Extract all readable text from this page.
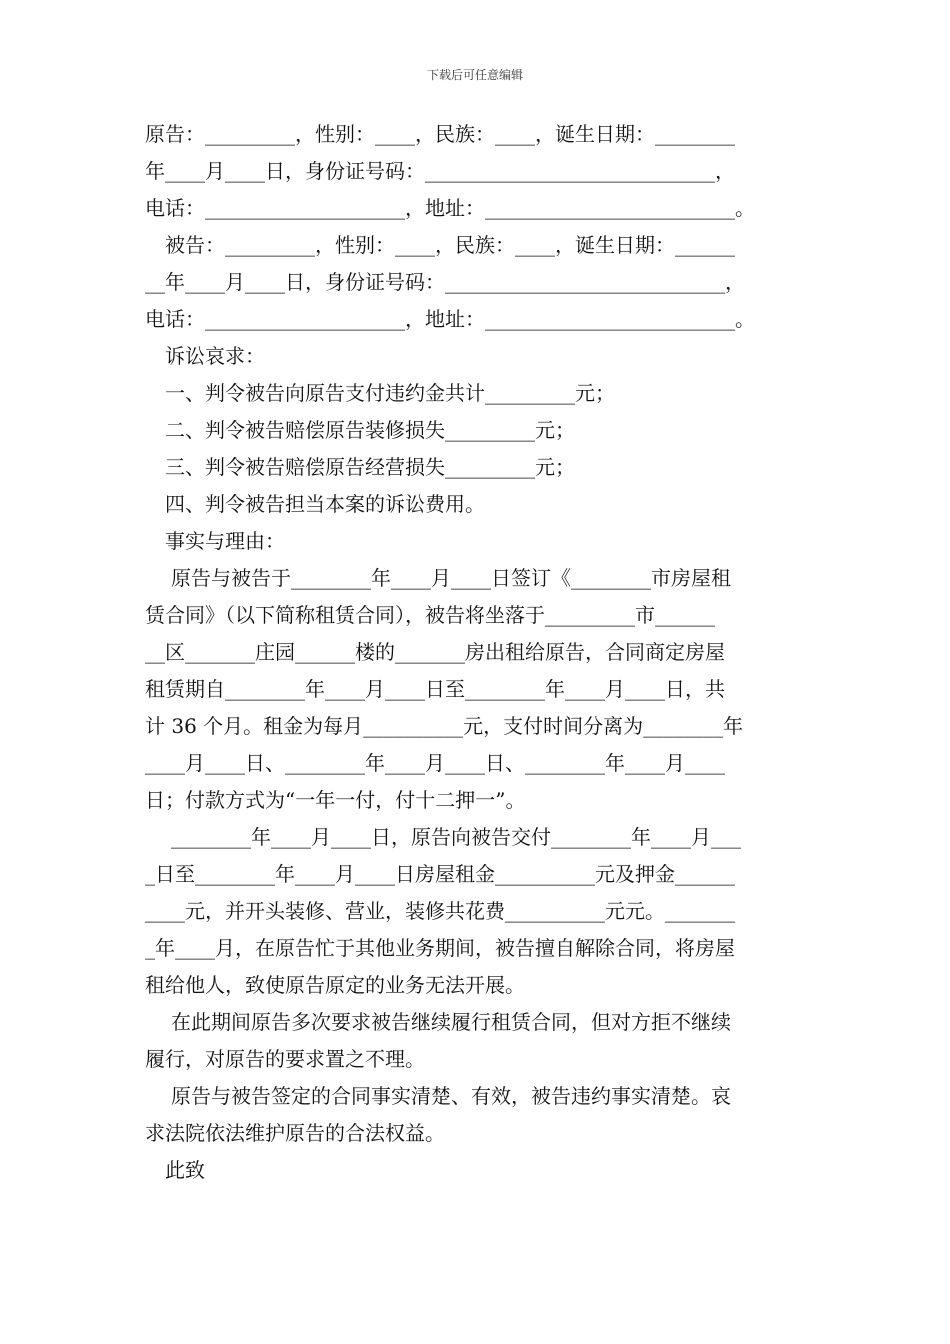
下载后可任意编辑
原告：_________，性别：____，民族：____，诞生日期：________
年____月____日，身份证号码：_____________________________，
电话：____________________，地址：_________________________。
被告：_________，性别：____，民族：____，诞生日期：______
__年____月____日，身份证号码：____________________________，
电话：____________________，地址：_________________________。
诉讼哀求：
一、判令被告向原告支付违约金共计_________元；
二、判令被告赔偿原告装修损失_________元；
三、判令被告赔偿原告经营损失_________元；
四、判令被告担当本案的诉讼费用。
事实与理由：
原告与被告于________年____月____日签订《________市房屋租
赁合同》（以下简称租赁合同），被告将坐落于_________市______
__区_______庄园______楼的_______房出租给原告，合同商定房屋
租赁期自________年____月____日至________年____月____日，共
计 36 个月。租金为每月__________元，支付时间分离为________年
____月____日、________年____月____日、________年____月____
日；付款方式为“一年一付，付十二押一”。
________年____月____日，原告向被告交付________年____月___
_日至________年____月____日房屋租金__________元及押金______
____元，并开头装修、营业，装修共花费__________元元。_______
_年____月，在原告忙于其他业务期间，被告擅自解除合同，将房屋
租给他人，致使原告原定的业务无法开展。
在此期间原告多次要求被告继续履行租赁合同，但对方拒不继续
履行，对原告的要求置之不理。
原告与被告签定的合同事实清楚、有效，被告违约事实清楚。哀
求法院依法维护原告的合法权益。
此致
